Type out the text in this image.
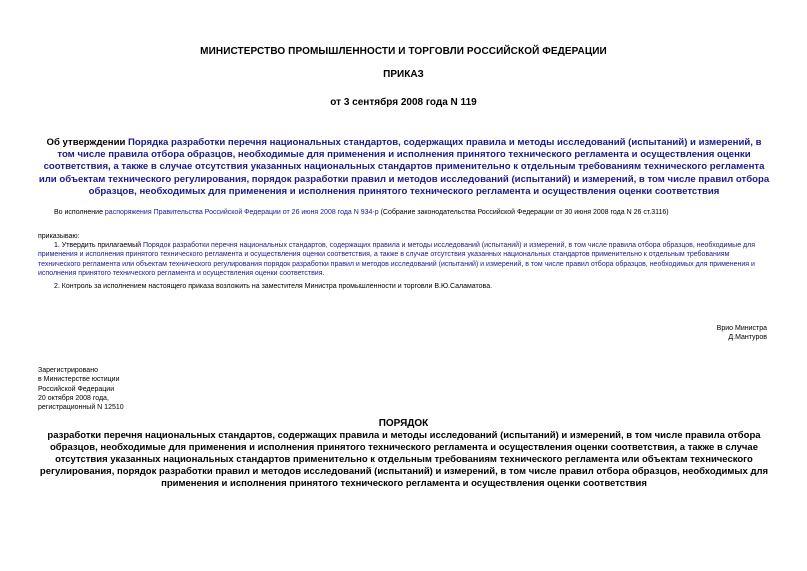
МИНИСТЕРСТВО ПРОМЫШЛЕННОСТИ И ТОРГОВЛИ РОССИЙСКОЙ ФЕДЕРАЦИИ
ПРИКАЗ
от 3 сентября 2008 года N 119
Об утверждении Порядка разработки перечня национальных стандартов, содержащих правила и методы исследований (испытаний) и измерений, в том числе правила отбора образцов, необходимые для применения и исполнения принятого технического регламента и осуществления оценки соответствия, а также в случае отсутствия указанных национальных стандартов применительно к отдельным требованиям технического регламента или объектам технического регулирования, порядок разработки правил и методов исследований (испытаний) и измерений, в том числе правил отбора образцов, необходимых для применения и исполнения принятого технического регламента и осуществления оценки соответствия
Во исполнение распоряжения Правительства Российской Федерации от 26 июня 2008 года N 934-р (Собрание законодательства Российской Федерации от 30 июня 2008 года N 26 ст.3116)
приказываю:
1. Утвердить прилагаемый Порядок разработки перечня национальных стандартов, содержащих правила и методы исследований (испытаний) и измерений, в том числе правила отбора образцов, необходимые для применения и исполнения принятого технического регламента и осуществления оценки соответствия, а также в случае отсутствия указанных национальных стандартов применительно к отдельным требованиям технического регламента или объектам технического регулирования порядок разработки правил и методов исследований (испытаний) и измерений, в том числе правил отбора образцов, необходимых для применения и исполнения принятого технического регламента и осуществления оценки соответствия.
2. Контроль за исполнением настоящего приказа возложить на заместителя Министра промышленности и торговли В.Ю.Саламатова.
Врио Министра
Д.Мантуров
Зарегистрировано
в Министерстве юстиции
Российской Федерации
20 октября 2008 года,
регистрационный N 12510
ПОРЯДОК
разработки перечня национальных стандартов, содержащих правила и методы исследований (испытаний) и измерений, в том числе правила отбора образцов, необходимые для применения и исполнения принятого технического регламента и осуществления оценки соответствия, а также в случае отсутствия указанных национальных стандартов применительно к отдельным требованиям технического регламента или объектам технического регулирования, порядок разработки правил и методов исследований (испытаний) и измерений, в том числе правил отбора образцов, необходимых для применения и исполнения принятого технического регламента и осуществления оценки соответствия
